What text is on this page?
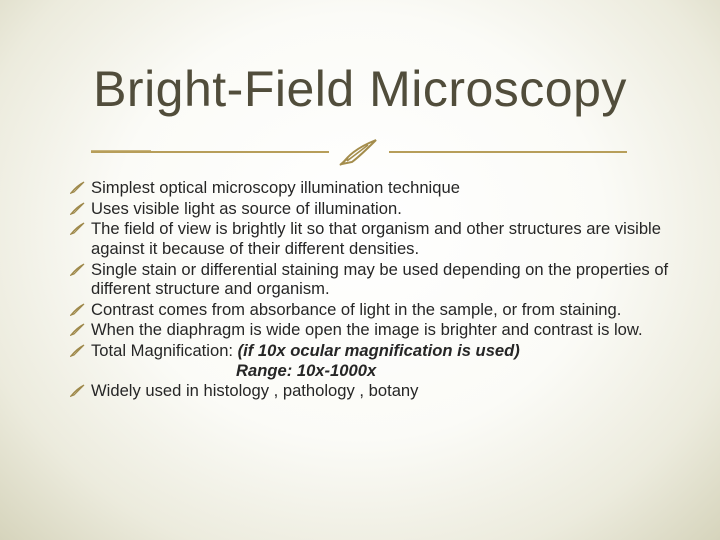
Bright-Field Microscopy
Simplest optical microscopy illumination technique
Uses visible light as source of illumination.
The field of view is brightly lit so that organism and other structures are visible against it because of their different densities.
Single stain or differential staining may be used depending on the properties of different structure and organism.
Contrast comes from absorbance of light in the sample, or from staining.
When the diaphragm is wide open the image is brighter and contrast is low.
Total Magnification: (if 10x ocular magnification is used)
Range: 10x-1000x
Widely used in histology , pathology , botany
